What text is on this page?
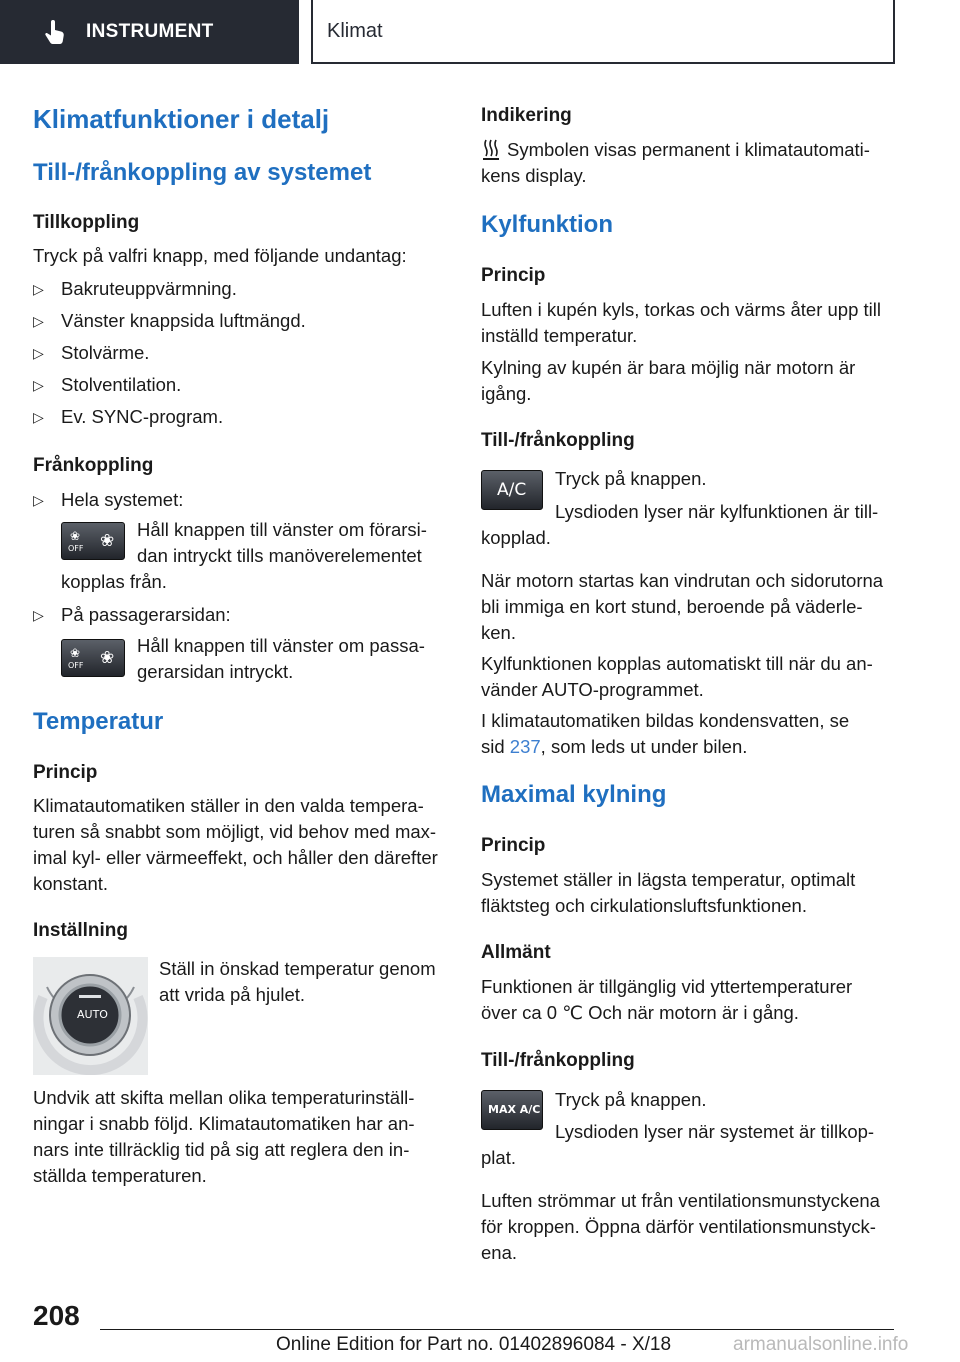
INSTRUMENT	Klimat
Klimatfunktioner i detalj
Till-/frånkoppling av systemet
Tillkoppling
Tryck på valfri knapp, med följande undantag:
▷ Bakruteuppvärmning.
▷ Vänster knappsida luftmängd.
▷ Stolvärme.
▷ Stolventilation.
▷ Ev. SYNC-program.
Frånkoppling
▷ Hela systemet:
❀
OFF ❀
Håll knappen till vänster om förarsi-
dan intryckt tills manöverelementet
kopplas från.
▷ På passagerarsidan:
❀
OFF ❀
Håll knappen till vänster om passa-
gerarsidan intryckt.
Temperatur
Princip
Klimatautomatiken ställer in den valda tempera-
turen så snabbt som möjligt, vid behov med max-
imal kyl- eller värmeeffekt, och håller den därefter
konstant.
Inställning
AUTO
Ställ in önskad temperatur genom
att vrida på hjulet.
Undvik att skifta mellan olika temperaturinställ-
ningar i snabb följd. Klimatautomatiken har an-
nars inte tillräcklig tid på sig att reglera den in-
ställda temperaturen.
Indikering
Symbolen visas permanent i klimatautomati-
kens display.
Kylfunktion
Princip
Luften i kupén kyls, torkas och värms åter upp till
inställd temperatur.
Kylning av kupén är bara möjlig när motorn är
igång.
Till-/frånkoppling
A/C
Tryck på knappen.
Lysdioden lyser när kylfunktionen är till-
kopplad.
När motorn startas kan vindrutan och sidorutorna
bli immiga en kort stund, beroende på väderle-
ken.
Kylfunktionen kopplas automatiskt till när du an-
vänder AUTO-programmet.
I klimatautomatiken bildas kondensvatten, se
sid 237, som leds ut under bilen.
Maximal kylning
Princip
Systemet ställer in lägsta temperatur, optimalt
fläktsteg och cirkulationsluftsfunktionen.
Allmänt
Funktionen är tillgänglig vid yttertemperaturer
över ca 0 ℃ Och när motorn är i gång.
Till-/frånkoppling
MAX A/C Tryck på knappen.
Lysdioden lyser när systemet är tillkop-
plat.
Luften strömmar ut från ventilationsmunstyckena
för kroppen. Öppna därför ventilationsmunstyck-
ena.
208
Online Edition for Part no. 01402896084 - X/18	armanualsonline.info
